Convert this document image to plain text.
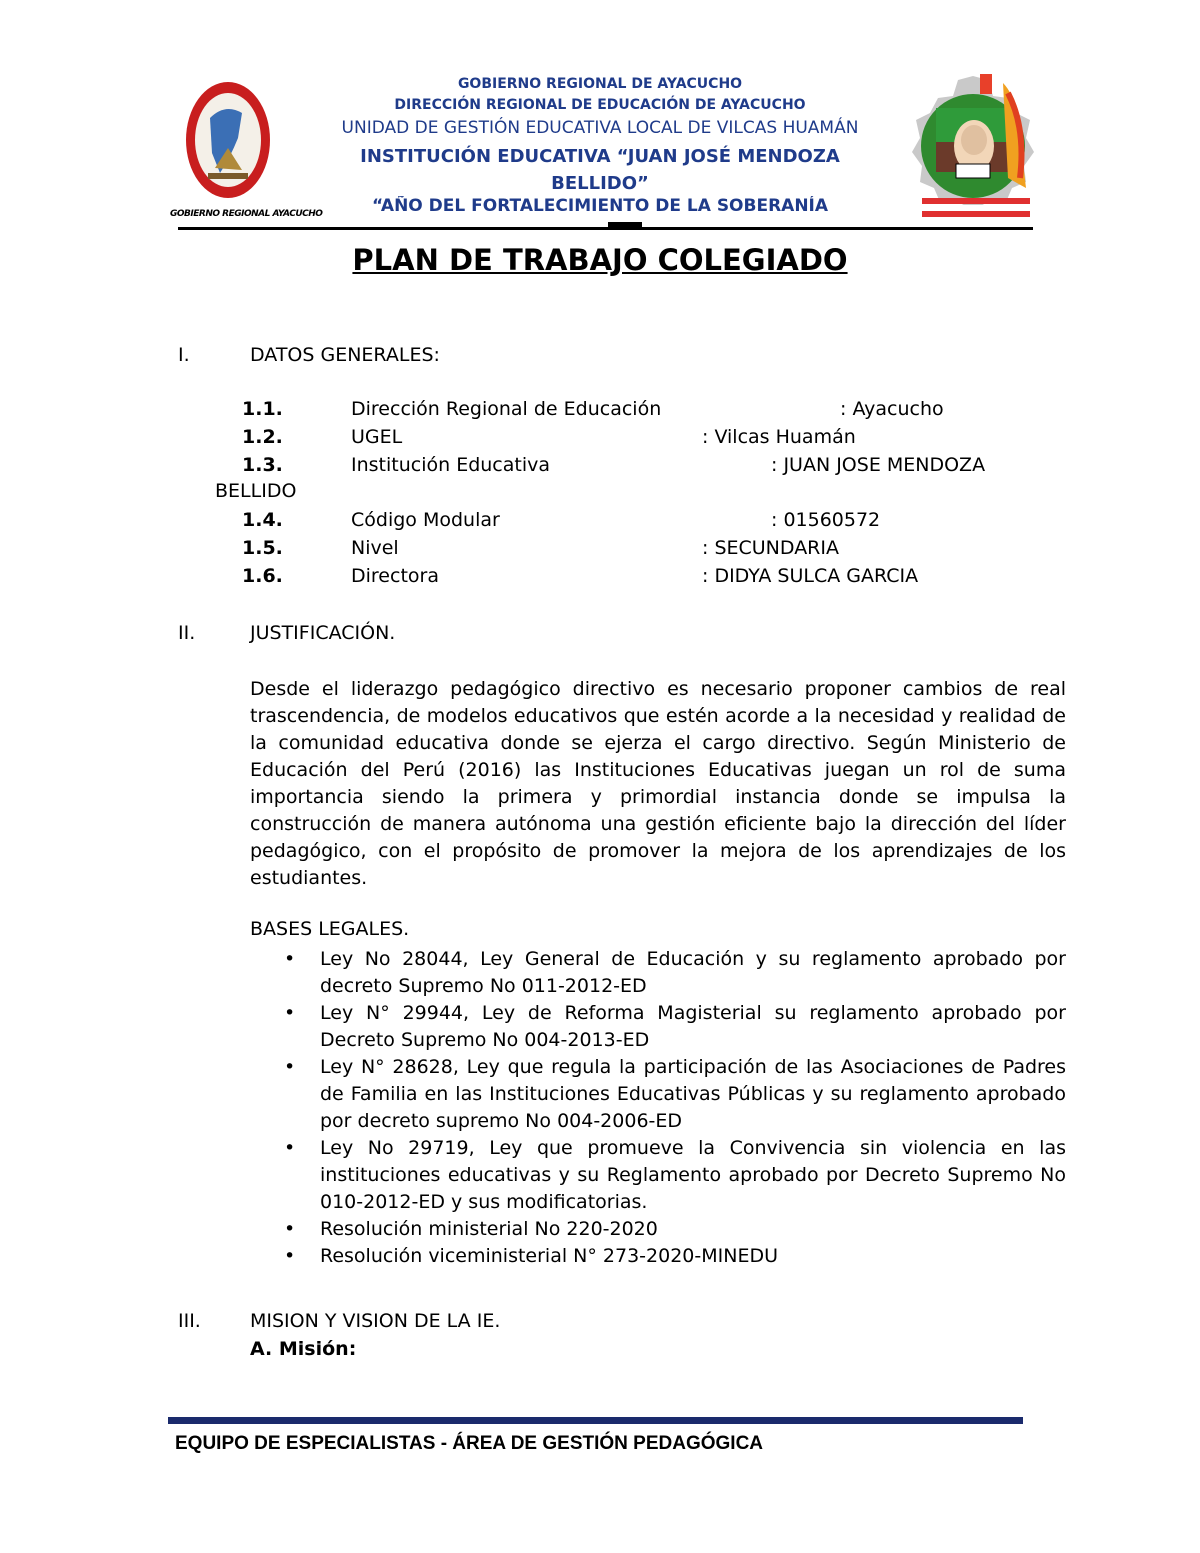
GOBIERNO REGIONAL AYACUCHO
GOBIERNO REGIONAL DE AYACUCHO
DIRECCIÓN REGIONAL DE EDUCACIÓN DE AYACUCHO
UNIDAD DE GESTIÓN EDUCATIVA LOCAL DE VILCAS HUAMÁN
INSTITUCIÓN EDUCATIVA “JUAN JOSÉ MENDOZA BELLIDO”
“AÑO DEL FORTALECIMIENTO DE LA SOBERANÍA
PLAN DE TRABAJO COLEGIADO
I.	DATOS GENERALES:
1.1.	Dirección Regional de Educación	: Ayacucho
1.2.	UGEL	: Vilcas Huamán
1.3.	Institución Educativa	: JUAN JOSE MENDOZA
BELLIDO
1.4.	Código Modular	: 01560572
1.5.	Nivel	: SECUNDARIA
1.6.	Directora	: DIDYA SULCA GARCIA
II.	JUSTIFICACIÓN.
Desde el liderazgo pedagógico directivo es necesario proponer cambios de real trascendencia, de modelos educativos que estén acorde a la necesidad y realidad de la comunidad educativa donde se ejerza el cargo directivo. Según Ministerio de Educación del Perú (2016) las Instituciones Educativas juegan un rol de suma importancia siendo la primera y primordial instancia donde se impulsa la construcción de manera autónoma una gestión eficiente bajo la dirección del líder pedagógico, con el propósito de promover la mejora de los aprendizajes de los estudiantes.
BASES LEGALES.
• Ley No 28044, Ley General de Educación y su reglamento aprobado por decreto Supremo No 011-2012-ED
• Ley N° 29944, Ley de Reforma Magisterial su reglamento aprobado por Decreto Supremo No 004-2013-ED
• Ley N° 28628, Ley que regula la participación de las Asociaciones de Padres de Familia en las Instituciones Educativas Públicas y su reglamento aprobado por decreto supremo No 004-2006-ED
• Ley No 29719, Ley que promueve la Convivencia sin violencia en las instituciones educativas y su Reglamento aprobado por Decreto Supremo No 010-2012-ED y sus modificatorias.
• Resolución ministerial No 220-2020
• Resolución viceministerial N° 273-2020-MINEDU
III.	MISION Y VISION DE LA IE.
A. Misión:
EQUIPO DE ESPECIALISTAS - ÁREA DE GESTIÓN PEDAGÓGICA
